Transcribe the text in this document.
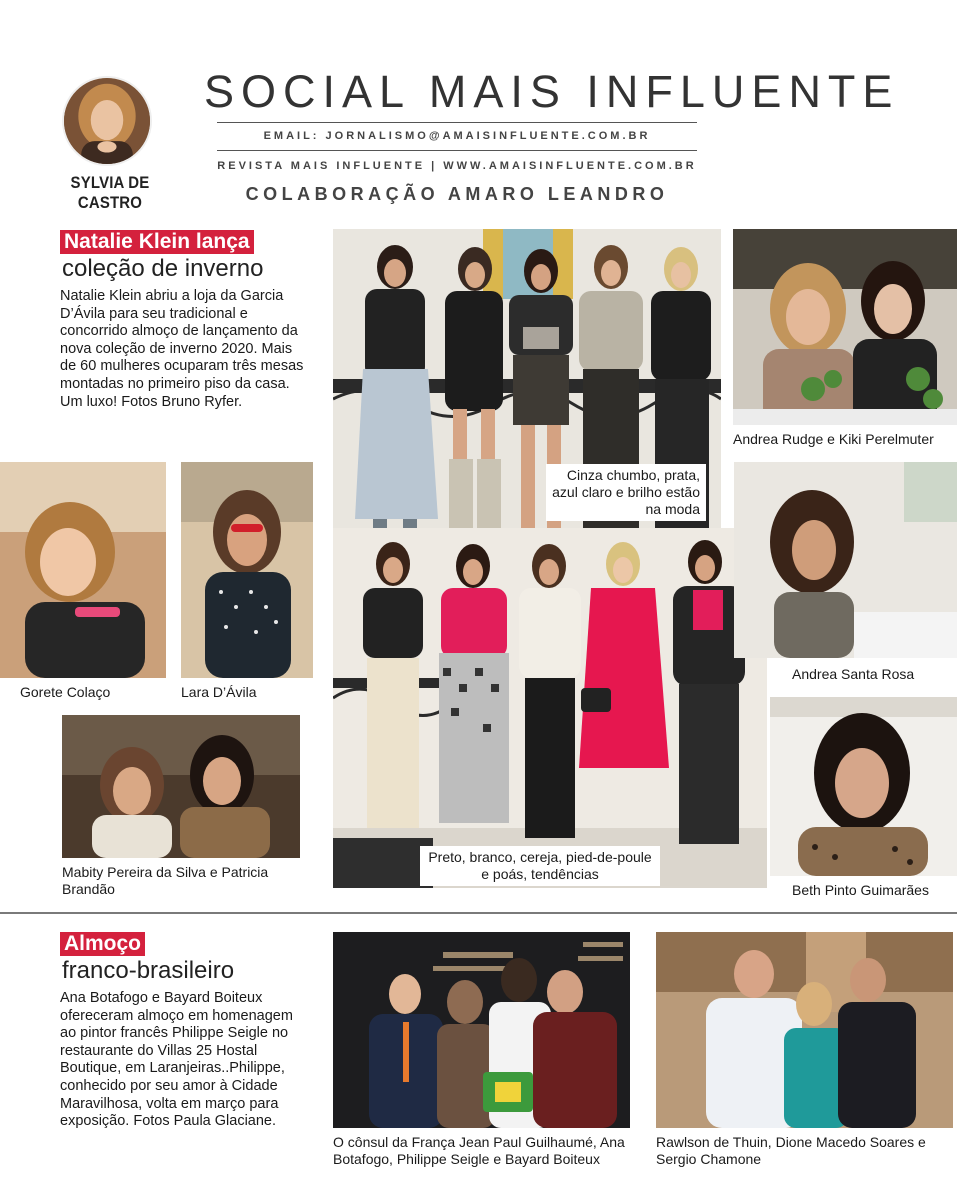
SYLVIA DE CASTRO
SOCIAL MAIS INFLUENTE
EMAIL: JORNALISMO@AMAISINFLUENTE.COM.BR
REVISTA MAIS INFLUENTE | WWW.AMAISINFLUENTE.COM.BR
COLABORAÇÃO AMARO LEANDRO
Natalie Klein lança
coleção de inverno
Natalie Klein abriu a loja da Garcia D’Ávila para seu tradicional e concorrido almoço de lançamento da nova coleção de inverno 2020. Mais de 60 mulheres ocuparam três mesas montadas no primeiro piso da casa. Um luxo! Fotos Bruno Ryfer.
Gorete Colaço	Lara D’Ávila
Mabity Pereira da Silva e Patricia Brandão
Cinza chumbo, prata, azul claro e brilho estão na moda
Preto, branco, cereja, pied-de-poule e poás, tendências
Andrea Rudge e Kiki Perelmuter
Andrea Santa Rosa
Beth Pinto Guimarães
Almoço
franco-brasileiro
Ana Botafogo e Bayard Boiteux ofereceram almoço em homenagem ao pintor francês Philippe Seigle no restaurante do Villas 25 Hostal Boutique, em Laranjeiras..Philippe, conhecido por seu amor à Cidade Maravilhosa, volta em março para exposição. Fotos Paula Glaciane.
O cônsul da França Jean Paul Guilhaumé, Ana Botafogo, Philippe Seigle e Bayard Boiteux
Rawlson de Thuin, Dione Macedo Soares e Sergio Chamone
